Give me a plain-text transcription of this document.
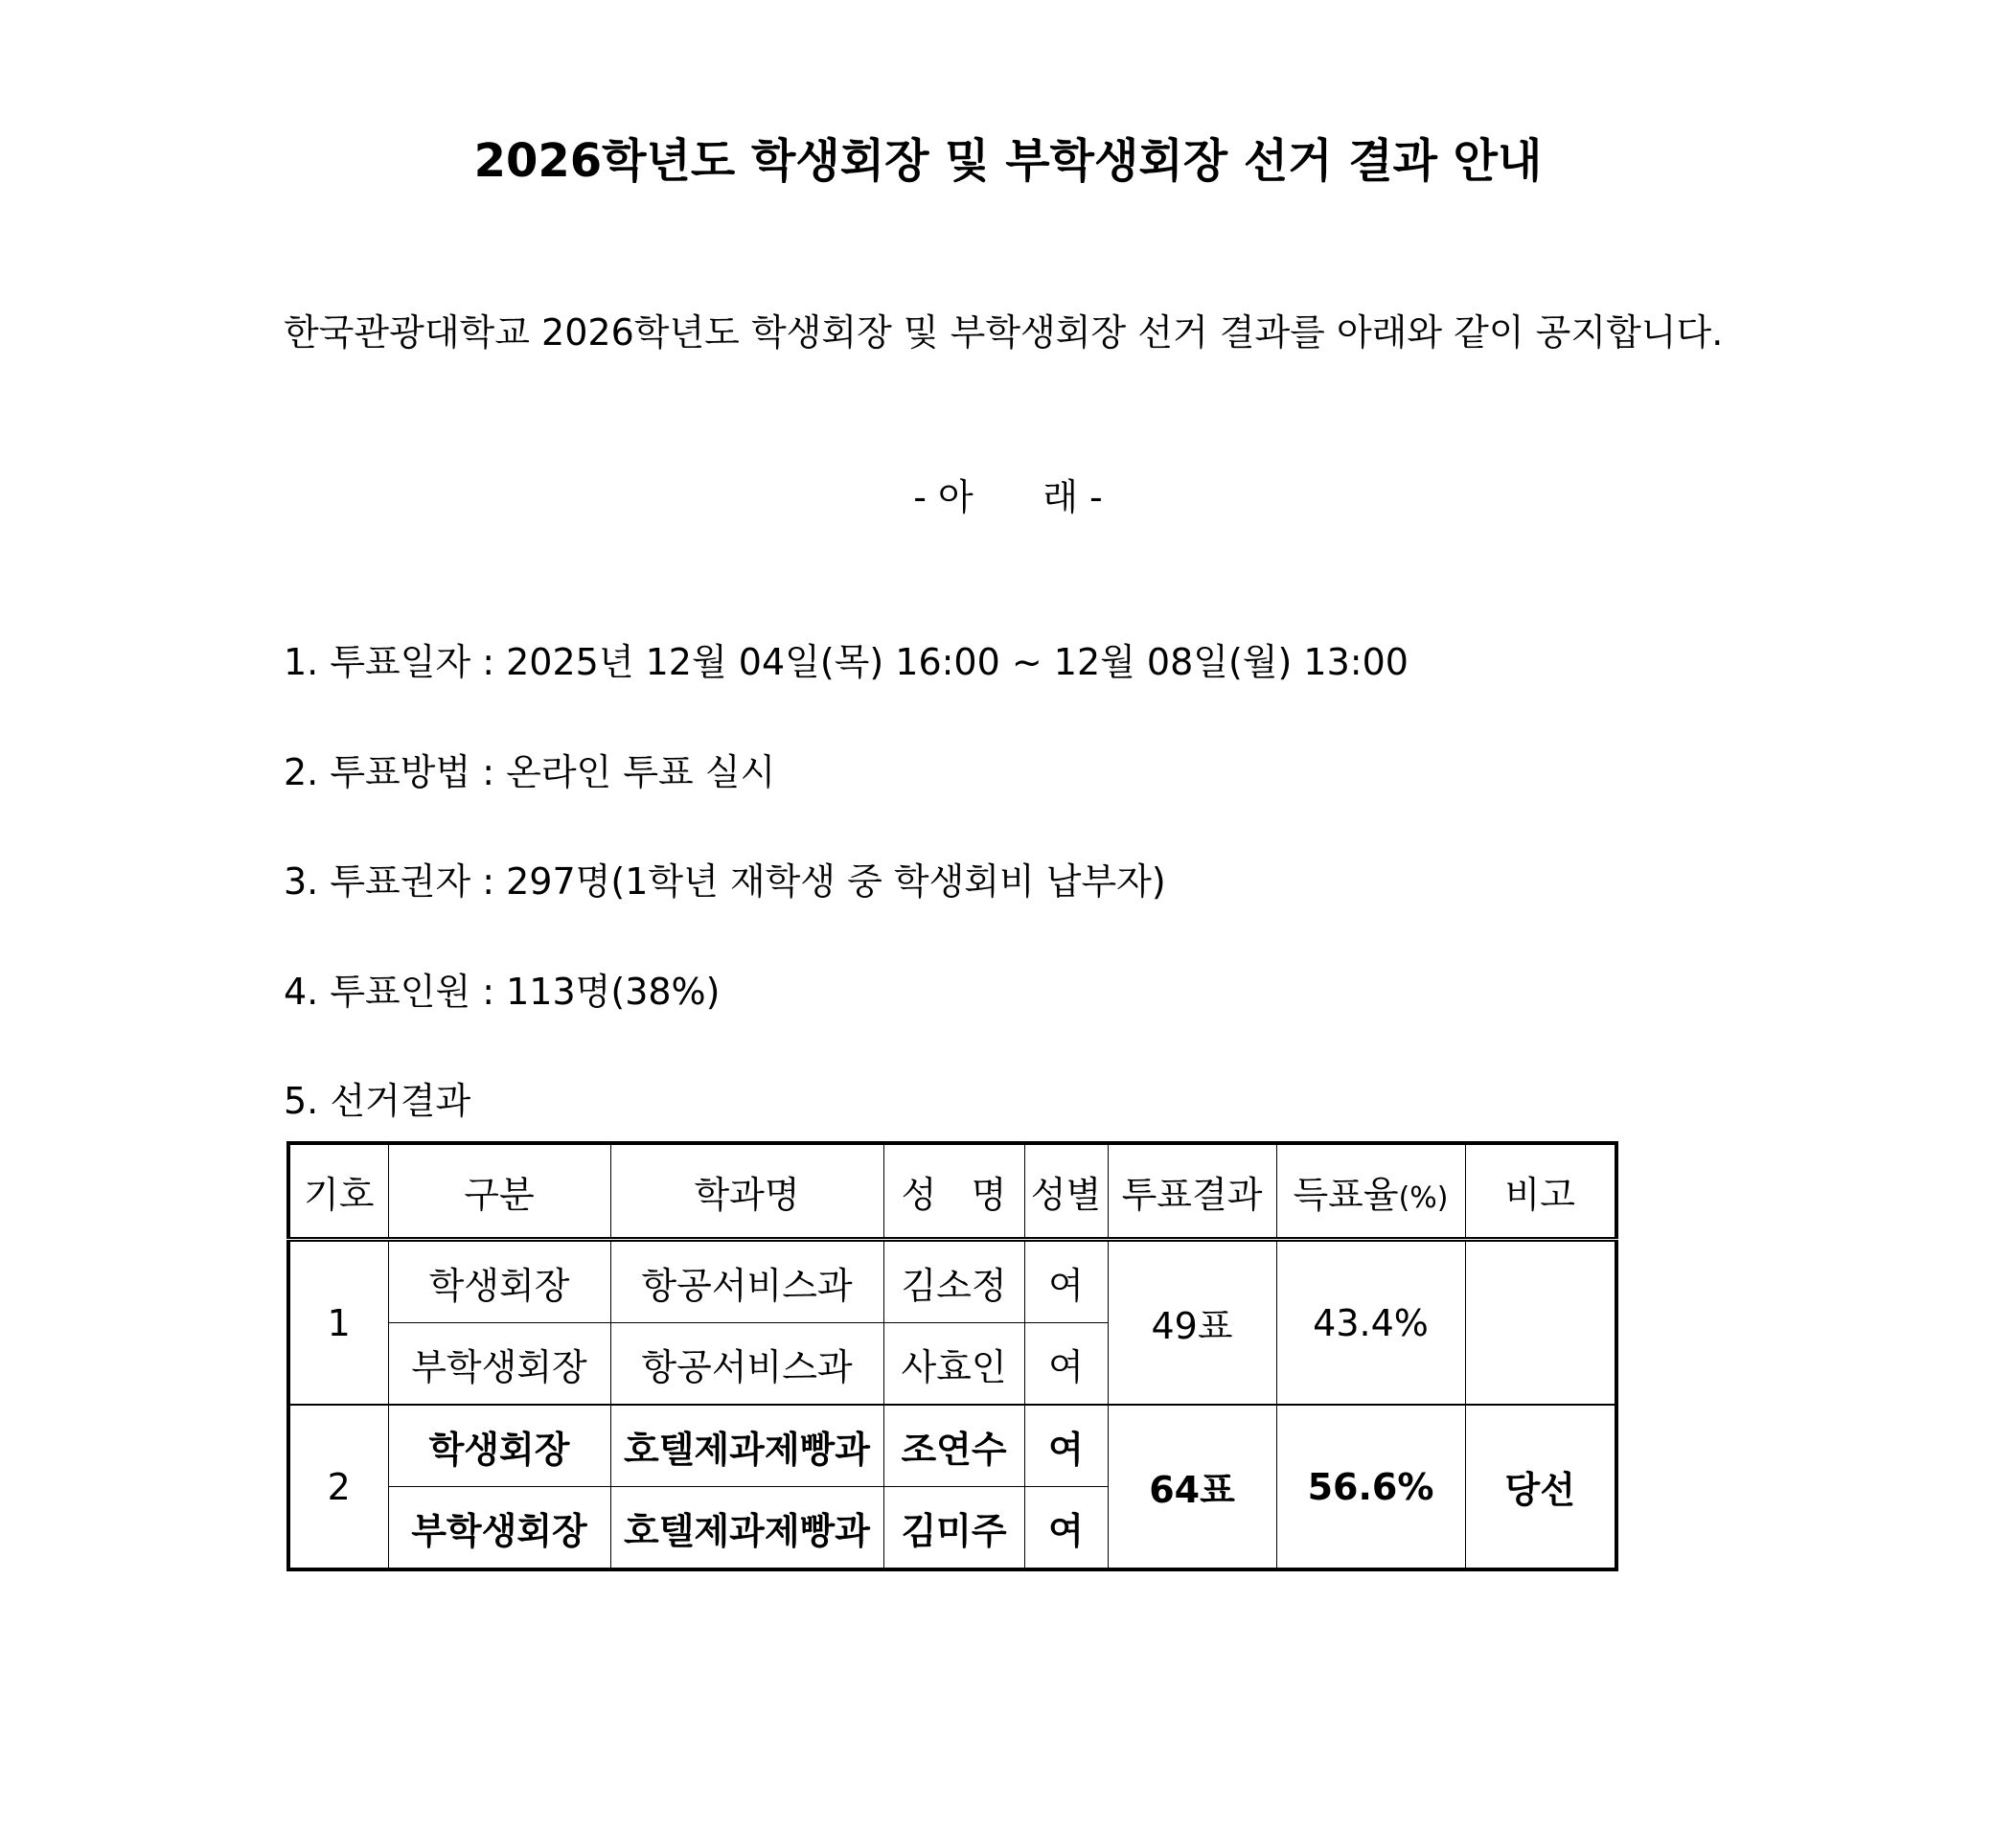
2026학년도 학생회장 및 부학생회장 선거 결과 안내
한국관광대학교 2026학년도 학생회장 및 부학생회장 선거 결과를 아래와 같이 공지합니다.
- 아      래 -
1. 투표일자 : 2025년 12월 04일(목) 16:00 ~ 12월 08일(월) 13:00
2. 투표방법 : 온라인 투표 실시
3. 투표권자 : 297명(1학년 재학생 중 학생회비 납부자)
4. 투표인원 : 113명(38%)
5. 선거결과
기호	구분	학과명	성   명	성별	투표결과	득표율(%)	비고
1	학생회장	항공서비스과	김소정	여	49표	43.4%	
	부학생회장	항공서비스과	사효인	여			
2	학생회장	호텔제과제빵과	조연수	여	64표	56.6%	당선
	부학생회장	호텔제과제빵과	김미주	여			
